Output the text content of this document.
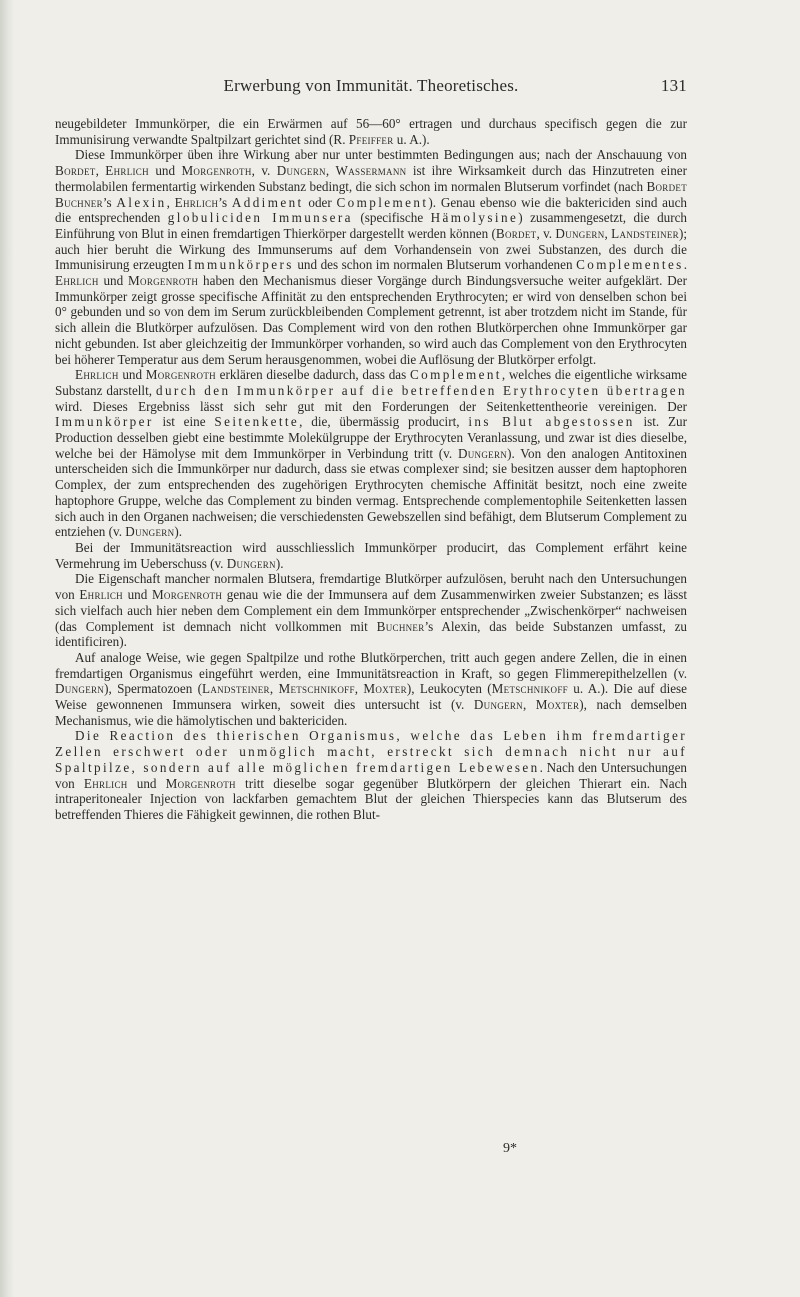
Erwerbung von Immunität. Theoretisches.	131

neugebildeter Immunkörper, die ein Erwärmen auf 56—60° ertragen und durchaus specifisch gegen die zur Immunisirung verwandte Spaltpilzart gerichtet sind (R. Pfeiffer u. A.).

Diese Immunkörper üben ihre Wirkung aber nur unter bestimmten Bedingungen aus; nach der Anschauung von Bordet, Ehrlich und Morgenroth, v. Dungern, Wassermann ist ihre Wirksamkeit durch das Hinzutreten einer thermolabilen fermentartig wirkenden Substanz bedingt, die sich schon im normalen Blutserum vorfindet (nach Bordet Buchner’s Alexin, Ehrlich’s Addiment oder Complement). Genau ebenso wie die baktericiden sind auch die entsprechenden globuliciden Immunsera (specifische Hämolysine) zusammengesetzt, die durch Einführung von Blut in einen fremdartigen Thierkörper dargestellt werden können (Bordet, v. Dungern, Landsteiner); auch hier beruht die Wirkung des Immunserums auf dem Vorhandensein von zwei Substanzen, des durch die Immunisirung erzeugten Immunkörpers und des schon im normalen Blutserum vorhandenen Complementes. Ehrlich und Morgenroth haben den Mechanismus dieser Vorgänge durch Bindungsversuche weiter aufgeklärt. Der Immunkörper zeigt grosse specifische Affinität zu den entsprechenden Erythrocyten; er wird von denselben schon bei 0° gebunden und so von dem im Serum zurückbleibenden Complement getrennt, ist aber trotzdem nicht im Stande, für sich allein die Blutkörper aufzulösen. Das Complement wird von den rothen Blutkörperchen ohne Immunkörper gar nicht gebunden. Ist aber gleichzeitig der Immunkörper vorhanden, so wird auch das Complement von den Erythrocyten bei höherer Temperatur aus dem Serum herausgenommen, wobei die Auflösung der Blutkörper erfolgt.

Ehrlich und Morgenroth erklären dieselbe dadurch, dass das Complement, welches die eigentliche wirksame Substanz darstellt, durch den Immunkörper auf die betreffenden Erythrocyten übertragen wird. Dieses Ergebniss lässt sich sehr gut mit den Forderungen der Seitenkettentheorie vereinigen. Der Immunkörper ist eine Seitenkette, die, übermässig producirt, ins Blut abgestossen ist. Zur Production desselben giebt eine bestimmte Molekülgruppe der Erythrocyten Veranlassung, und zwar ist dies dieselbe, welche bei der Hämolyse mit dem Immunkörper in Verbindung tritt (v. Dungern). Von den analogen Antitoxinen unterscheiden sich die Immunkörper nur dadurch, dass sie etwas complexer sind; sie besitzen ausser dem haptophoren Complex, der zum entsprechenden des zugehörigen Erythrocyten chemische Affinität besitzt, noch eine zweite haptophore Gruppe, welche das Complement zu binden vermag. Entsprechende complementophile Seitenketten lassen sich auch in den Organen nachweisen; die verschiedensten Gewebszellen sind befähigt, dem Blutserum Complement zu entziehen (v. Dungern).

Bei der Immunitätsreaction wird ausschliesslich Immunkörper producirt, das Complement erfährt keine Vermehrung im Ueberschuss (v. Dungern).

Die Eigenschaft mancher normalen Blutsera, fremdartige Blutkörper aufzulösen, beruht nach den Untersuchungen von Ehrlich und Morgenroth genau wie die der Immunsera auf dem Zusammenwirken zweier Substanzen; es lässt sich vielfach auch hier neben dem Complement ein dem Immunkörper entsprechender „Zwischenkörper“ nachweisen (das Complement ist demnach nicht vollkommen mit Buchner’s Alexin, das beide Substanzen umfasst, zu identificiren).

Auf analoge Weise, wie gegen Spaltpilze und rothe Blutkörperchen, tritt auch gegen andere Zellen, die in einen fremdartigen Organismus eingeführt werden, eine Immunitätsreaction in Kraft, so gegen Flimmerepithelzellen (v. Dungern), Spermatozoen (Landsteiner, Metschnikoff, Moxter), Leukocyten (Metschnikoff u. A.). Die auf diese Weise gewonnenen Immunsera wirken, soweit dies untersucht ist (v. Dungern, Moxter), nach demselben Mechanismus, wie die hämolytischen und baktericiden.

Die Reaction des thierischen Organismus, welche das Leben ihm fremdartiger Zellen erschwert oder unmöglich macht, erstreckt sich demnach nicht nur auf Spaltpilze, sondern auf alle möglichen fremdartigen Lebewesen. Nach den Untersuchungen von Ehrlich und Morgenroth tritt dieselbe sogar gegenüber Blutkörpern der gleichen Thierart ein. Nach intraperitonealer Injection von lackfarben gemachtem Blut der gleichen Thierspecies kann das Blutserum des betreffenden Thieres die Fähigkeit gewinnen, die rothen Blut-

9*
